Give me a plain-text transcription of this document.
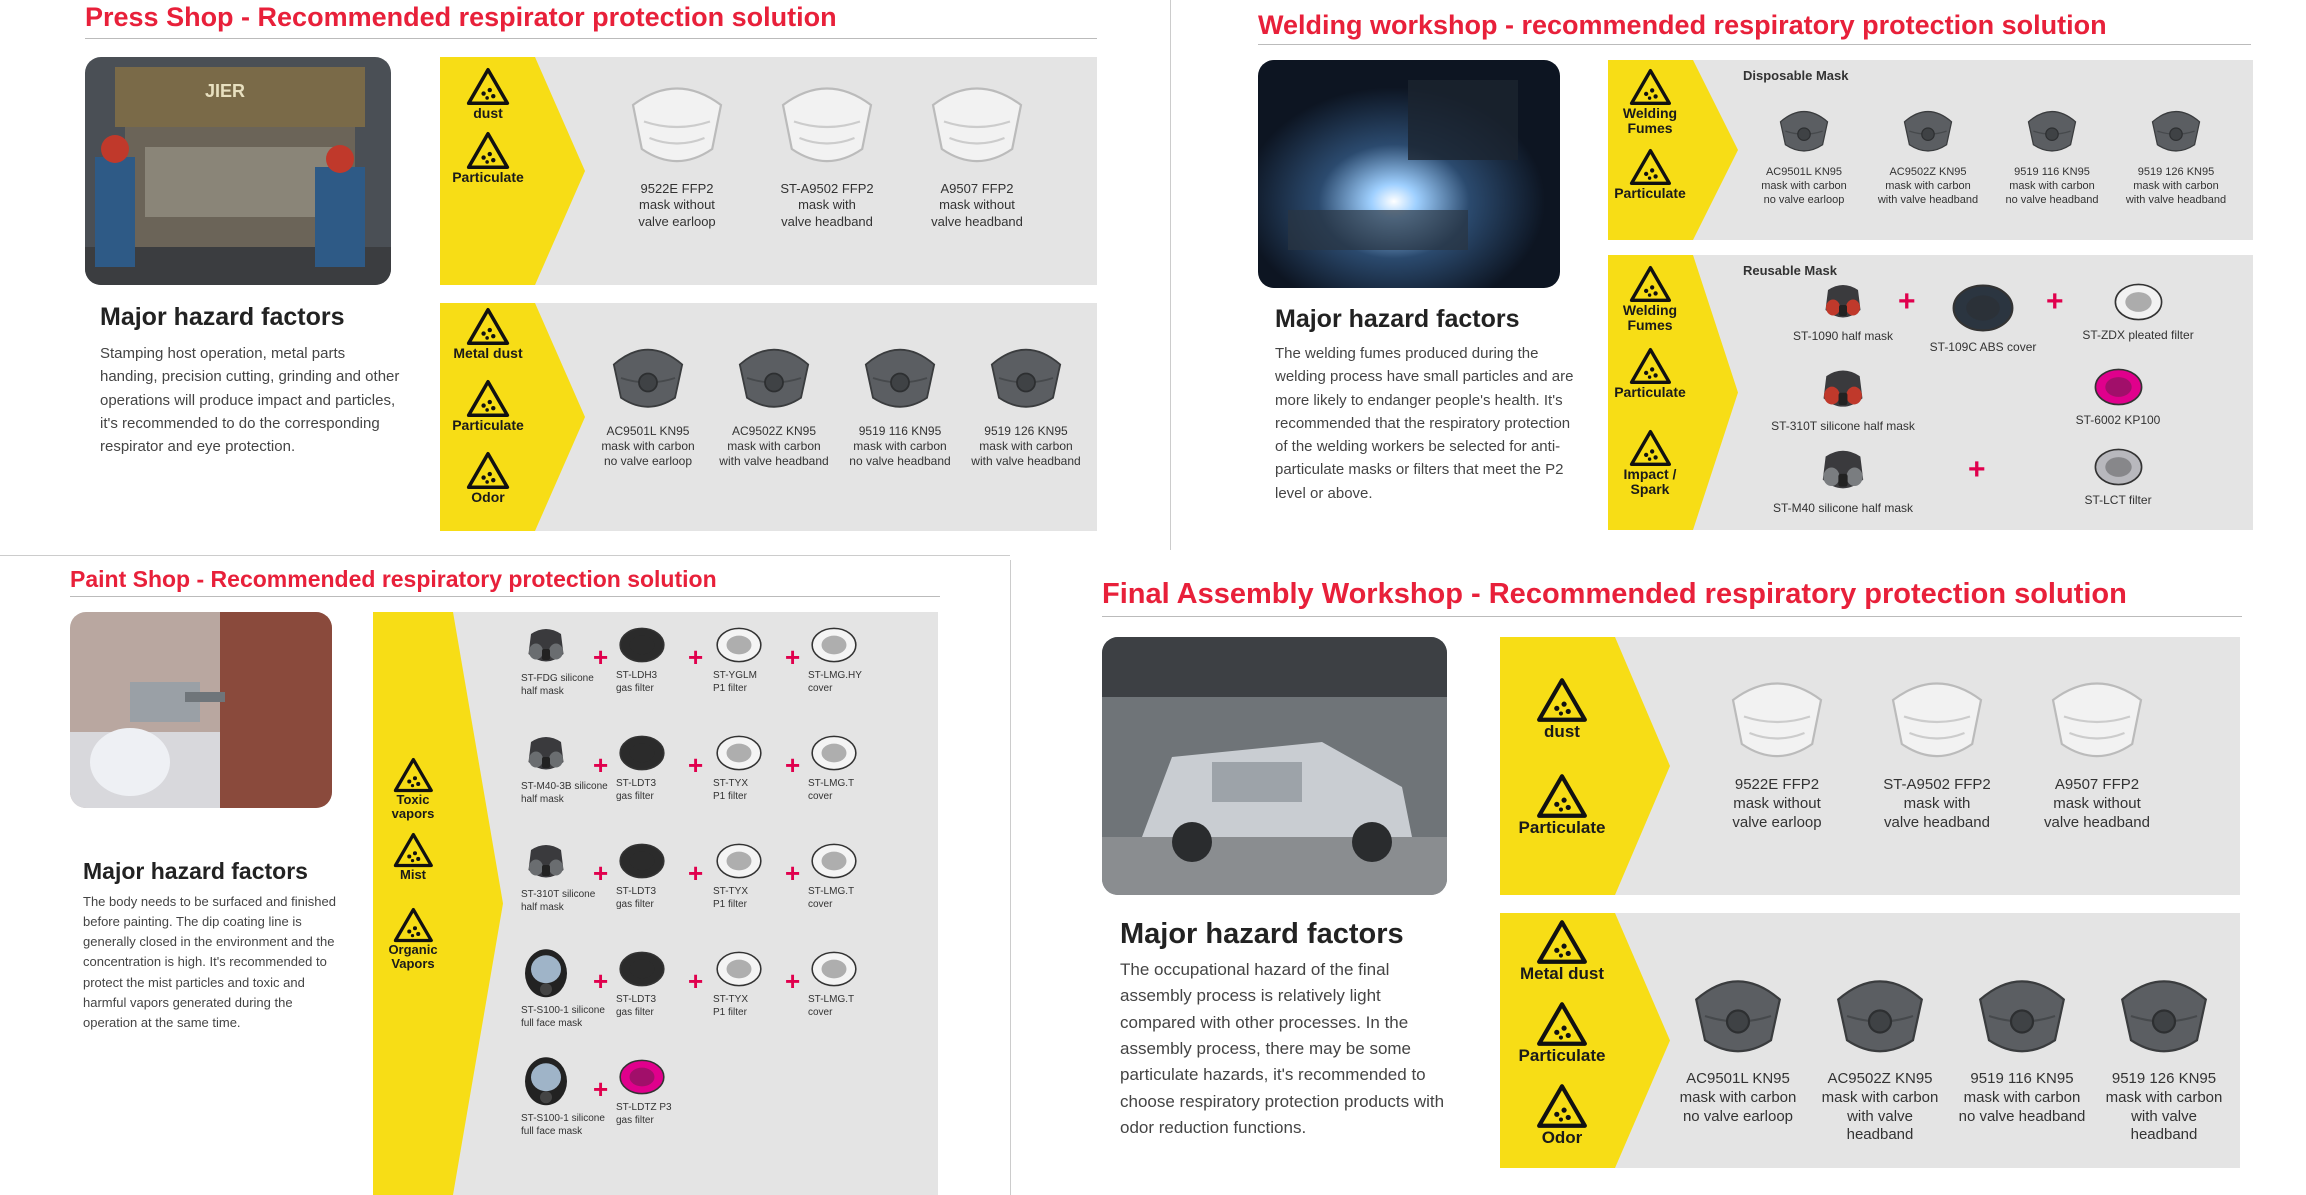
Press Shop - Recommended respirator protection solution
JIER
Major hazard factors
Stamping host operation, metal parts handing, precision cutting, grinding and other operations will produce impact and particles, it's recommended to do the corresponding respirator and eye protection.
dust
Particulate
9522E FFP2
mask without
valve earloop
ST-A9502 FFP2
mask with
valve headband
A9507 FFP2
mask without
valve headband
Metal dust
Particulate
Odor
AC9501L KN95
mask with carbon
no valve earloop
AC9502Z KN95
mask with carbon
with valve headband
9519 116 KN95
mask with carbon
no valve headband
9519 126 KN95
mask with carbon
with valve headband
Welding workshop - recommended respiratory protection solution
Major hazard factors
The welding fumes produced during the welding process have small particles and are more likely to endanger people's health. It's recommended that the respiratory protection of the welding workers be selected for anti-particulate masks or filters that meet the P2 level or above.
Disposable Mask
Welding
Fumes
Particulate
AC9501L KN95
mask with carbon
no valve earloop
AC9502Z KN95
mask with carbon
with valve headband
9519 116 KN95
mask with carbon
no valve headband
9519 126 KN95
mask with carbon
with valve headband
Reusable Mask
Welding
Fumes
Particulate
Impact / Spark
ST-1090 half mask
+
ST-109C ABS cover
+
ST-ZDX pleated filter
ST-310T silicone half mask	ST-6002 KP100
ST-M40 silicone half mask
+
ST-LCT filter
Paint Shop - Recommended respiratory protection solution
Major hazard factors
The body needs to be surfaced and finished before painting. The dip coating line is generally closed in the environment and the concentration is high. It's recommended to protect the mist particles and toxic and harmful vapors generated during the operation at the same time.
Toxic vapors
Mist
Organic
Vapors
ST-FDG silicone
half mask
+
ST-LDH3
gas filter
+
ST-YGLM
P1 filter
+
ST-LMG.HY
cover
ST-M40-3B silicone
half mask
+
ST-LDT3
gas filter
+
ST-TYX
P1 filter
+
ST-LMG.T
cover
ST-310T silicone
half mask
+
ST-LDT3
gas filter
+
ST-TYX
P1 filter
+
ST-LMG.T
cover
ST-S100-1 silicone
full face mask
+
ST-LDT3
gas filter
+
ST-TYX
P1 filter
+
ST-LMG.T
cover
ST-S100-1 silicone
full face mask
+
ST-LDTZ P3
gas filter
Final Assembly Workshop - Recommended respiratory protection solution
Major hazard factors
The occupational hazard of the final assembly process is relatively light compared with other processes. In the assembly process, there may be some particulate hazards, it's recommended to choose respiratory protection products with odor reduction functions.
dust
Particulate
9522E FFP2
mask without
valve earloop
ST-A9502 FFP2
mask with
valve headband
A9507 FFP2
mask without
valve headband
Metal dust
Particulate
Odor
AC9501L KN95
mask with carbon
no valve earloop
AC9502Z KN95
mask with carbon
with valve headband
9519 116 KN95
mask with carbon
no valve headband
9519 126 KN95
mask with carbon
with valve headband
